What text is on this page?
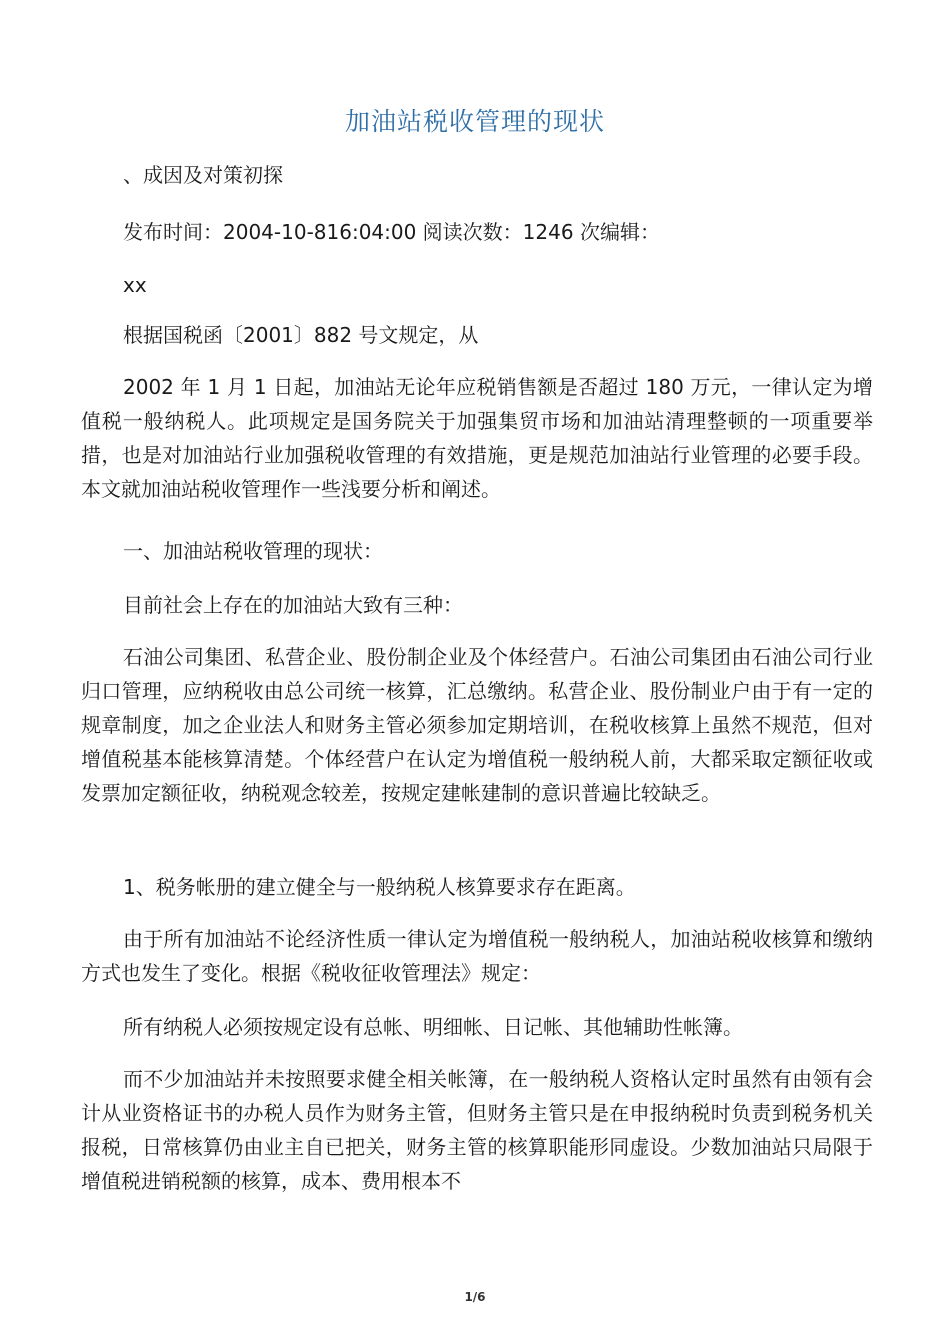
加油站税收管理的现状
、成因及对策初探
发布时间：2004-10-816:04:00 阅读次数：1246 次编辑：
xx
根据国税函〔2001〕882 号文规定，从
2002 年 1 月 1 日起，加油站无论年应税销售额是否超过 180 万元，一律认定为增值税一般纳税人。此项规定是国务院关于加强集贸市场和加油站清理整顿的一项重要举措，也是对加油站行业加强税收管理的有效措施，更是规范加油站行业管理的必要手段。本文就加油站税收管理作一些浅要分析和阐述。
一、加油站税收管理的现状：
目前社会上存在的加油站大致有三种：
石油公司集团、私营企业、股份制企业及个体经营户。石油公司集团由石油公司行业归口管理，应纳税收由总公司统一核算，汇总缴纳。私营企业、股份制业户由于有一定的规章制度，加之企业法人和财务主管必须参加定期培训，在税收核算上虽然不规范，但对增值税基本能核算清楚。个体经营户在认定为增值税一般纳税人前，大都采取定额征收或发票加定额征收，纳税观念较差，按规定建帐建制的意识普遍比较缺乏。
1、税务帐册的建立健全与一般纳税人核算要求存在距离。
由于所有加油站不论经济性质一律认定为增值税一般纳税人，加油站税收核算和缴纳方式也发生了变化。根据《税收征收管理法》规定：
所有纳税人必须按规定设有总帐、明细帐、日记帐、其他辅助性帐簿。
而不少加油站并未按照要求健全相关帐簿，在一般纳税人资格认定时虽然有由领有会计从业资格证书的办税人员作为财务主管，但财务主管只是在申报纳税时负责到税务机关报税，日常核算仍由业主自已把关，财务主管的核算职能形同虚设。少数加油站只局限于增值税进销税额的核算，成本、费用根本不
1/6
